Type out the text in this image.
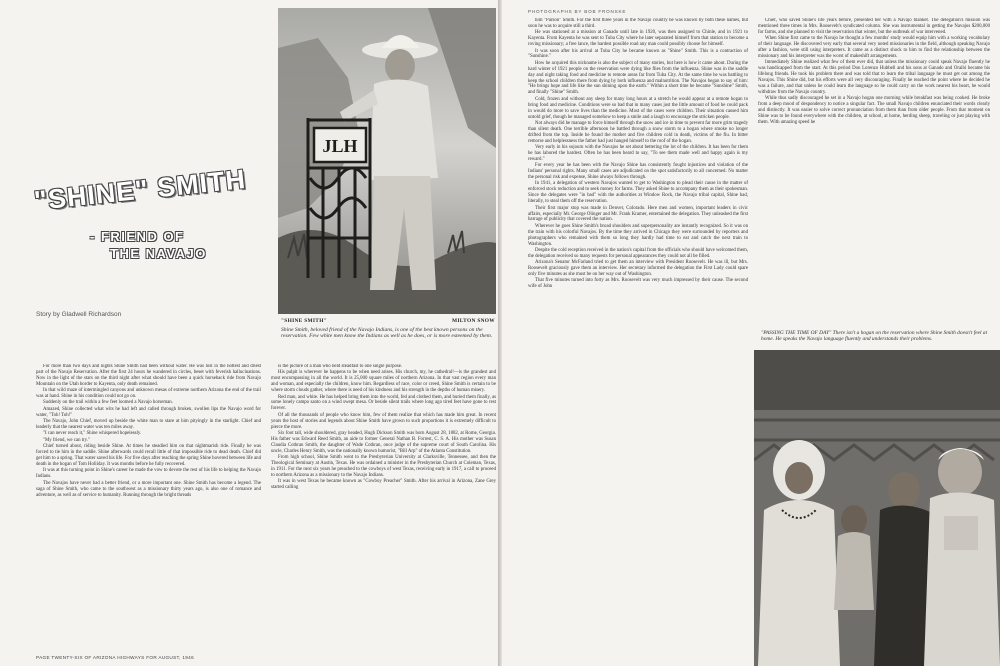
JLH
"SHINE" SMITH
- FRIEND OF
THE NAVAJO
Story by Gladwell Richardson
"SHINE SMITH"	MILTON SNOW
Shine Smith, beloved friend of the Navajo Indians, is one of the best known persons on the reservation. Few white men know the Indians as well as he does, or is more esteemed by them.

For more than two days and nights Shine Smith had been without water. He was lost in the hottest and driest part of the Navajo Reservation. After the first 24 hours he wandered in circles, beset with feverish hallucinations. Now in the light of the stars on the third night after what should have been a quick horseback ride from Navajo Mountain on the Utah border to Kayenta, only death remained.

In that wild maze of intermingled canyons and unknown mesas of extreme northern Arizona the end of the trail was at hand. Shine in his condition could not go on.

Suddenly on the trail within a few feet loomed a Navajo horseman.

Amazed, Shine collected what wits he had left and called through broken, swollen lips the Navajo word for water, "Toh! Toh!"

The Navajo, John Chief, moved up beside the white man to stare at him pityingly in the starlight. Chief and leaderly that the nearest water was ten miles away.

"I can never reach it," Shine whispered hopelessly.

"My friend, we can try."

Chief turned about, riding beside Shine. At times he steadied him on that nightmarish ride. Finally he was forced to tie him in the saddle. Shine afterwards could recall little of that impossible ride to dead death. Chief did get him to a spring. That water saved his life. For five days after reaching the spring Shine hovered between life and death in the hogan of Tom Holliday. It was months before he fully recovered.

It was at this turning point in Shine's career he made the vow to devote the rest of his life to helping the Navajo Indians.

The Navajos have never had a better friend, or a more important one. Shine Smith has become a legend. The saga of Shine Smith, who came to the southwest as a missionary thirty years ago, is also one of romance and adventure, as well as of service to humanity. Running through the bright threads

is the picture of a man who held steadfast to one single purpose.

His pulpit is wherever he happens to be when need arises. His church, my, he cathedral!—is the grandest and most encompassing in all the world. It is 25,000 square miles of northern Arizona. In that vast region every man and woman, and especially the children, know him. Regardless of race, color or creed, Shine Smith is certain to be where storm clouds gather, where there is need of his kindness and his strength in the depths of human misery.

Red man, and white. He has helped bring them into the world, fed and clothed them, and buried them finally, as some lonely campo santo on a wind swept mesa. Or beside silent trails where long ago tired feet have gone to rest forever.

Of all the thousands of people who know him, few of them realize that which has made him great. In recent years the host of stories and legends about Shine Smith have grown to such proportions it is extremely difficult to pierce the more.

Six foot tall, wide shouldered, gray headed, Hugh Dickson Smith was born August 28, 1882, at Rome, Georgia. His father was Edward Reed Smith, an aide to former General Nathan B. Forrest, C. S. A. His mother was Susan Claudia Cothran Smith, the daughter of Wade Cothran, once judge of the supreme court of South Carolina. His uncle, Charles Henry Smith, was the nationally known humorist, "Bill Arp" of the Atlanta Constitution.

From high school, Shine Smith went to the Presbyterian University at Clarksville, Tennessee, and then the Theological Seminary at Austin, Texas. He was ordained a minister in the Presbyterian Church at Coleman, Texas, in 1911. For the next six years he preached to the cowboys of west Texas, receiving early in 1917, a call to proceed to northern Arizona as a missionary to the Navajo Indians.

It was in west Texas he became known as "Cowboy Preacher" Smith. After his arrival in Arizona, Zane Grey started calling

PAGE TWENTY-SIX OF ARIZONA HIGHWAYS FOR AUGUST, 1946
PHOTOGRAPHS BY BOB FRONSKE

him "Parson" Smith. For the first three years in the Navajo country he was known by both these names, but soon he was to acquire still a third.

He was stationed at a mission at Ganado until late in 1920, was then assigned to Chinle, and in 1921 to Kayenta. From Kayenta he was sent to Tuba City where he later separated himself from that station to become a roving missionary; a free lance, the hardest possible road any man could possibly choose for himself.

It was soon after his arrival at Tuba City he became known as "Shine" Smith. This is a contraction of "Sunshine."

How he acquired this nickname is also the subject of many stories, but here is how it came about. During the hard winter of 1921 people on the reservation were dying like flies from the influenza. Shine was in the saddle day and night taking food and medicine to remote areas far from Tuba City. At the same time he was battling to keep the school children there from dying by both influenza and malnutrition. The Navajos began to say of him: "He brings hope and life like the sun shining upon the earth." Within a short time he became "Sunshine" Smith, and finally "Shine" Smith.

Cold, frozen and without any sleep for many long hours at a stretch he would appear at a remote hogan to bring food and medicine. Conditions were so bad that in many cases just the little amount of food he could pack in would do more to save lives than the medicine. Most of the cases were children. Their situation caused him untold grief, though he managed somehow to keep a smile and a laugh to encourage the stricken people.

Not always did he manage to force himself through the snow and ice in time to prevent far more grim tragedy than silent death. One terrible afternoon he battled through a snow storm to a hogan where smoke no longer drifted from the top. Inside he found the mother and five children cold in death, victims of the flu. In bitter remorse and helplessness the father had just hanged himself to the roof of the hogan.

Very early in his sojourn with the Navajos he set about bettering the lot of the children. It has been for them he has labored the hardest. Often he has been heard to say, "To see them made well and happy again is my reward."

For every year he has been with the Navajo Shine has consistently fought injustices and violation of the Indians' personal rights. Many small cases are adjudicated on the spot satisfactorily to all concerned. No matter the personal risk and expense, Shine always follows through.

In 1941, a delegation of western Navajos wanted to get to Washington to plead their cause in the matter of enforced stock reduction and to seek money for farms. They asked Shine to accompany them as their spokesman. Since the delegates were "in bad" with the authorities at Window Rock, the Navajo tribal capital, Shine had, literally, to steal them off the reservation.

Their first major stop was made in Denver, Colorado. Here men and women, important leaders in civic affairs, especially Mr. George Olinger and Mr. Frank Kramer, entertained the delegation. They unleashed the first barrage of publicity that covered the nation.

Wherever he goes Shine Smith's broad shoulders and superpersonality are instantly recognized. So it was on the train with his colorful Navajos. By the time they arrived in Chicago they were surrounded by reporters and photographers who remained with them so long they hardly had time to eat and catch the next train to Washington.

Despite the cold reception received in the nation's capital from the officials who should have welcomed them, the delegation received so many requests for personal appearances they could not all be filled.

Arizona's Senator McFarland tried to get them an interview with President Roosevelt. He was ill, but Mrs. Roosevelt graciously gave them an interview. Her secretary informed the delegation the First Lady could spare only five minutes as she must be on her way out of Washington.

That five minutes turned into forty as Mrs. Roosevelt was very much impressed by their cause. The second wife of John

Chief, who saved Shine's life years before, presented her with a Navajo blanket. The delegation's mission was mentioned three times in Mrs. Roosevelt's syndicated column. She was instrumental in getting the Navajos $200,000 for farms, and she planned to visit the reservation that winter, but the outbreak of war intervened.

When Shine first came to the Navajo he thought a few months' study would equip him with a working vocabulary of their language. He discovered very early that several very noted missionaries in the field, although speaking Navajo after a fashion, were still using interpreters. It came as a distinct shock to him to find the relationship between the missionary and his interpreter was the worst of makeshift arrangements.

Immediately Shine realized what few of them ever did, that unless the missionary could speak Navajo fluently he was handicapped from the start. At this period Don Lorenzo Hubbell and his sons at Ganado and Oraibi became his lifelong friends. He took his problem there and was told that to learn the tribal language he must get out among the Navajos. This Shine did, but his efforts were all very discouraging. Finally he reached the point where he decided he was a failure, and that unless he could learn the language so he could carry on the work nearest his heart, he would withdraw from the Navajo country.

While thus sadly discouraged he set in a Navajo hogan one morning while breakfast was being cooked. He broke from a deep mood of despondency to notice a singular fact. The small Navajo children enunciated their words clearly and distinctly. It was easier to solve correct pronunciation from them than from older people. From that moment on Shine was to be found everywhere with the children, at school, at home, herding sheep, traveling or just playing with them. With amazing speed he

"PASSING THE TIME OF DAY" There isn't a hogan on the reservation where Shine Smith doesn't feel at home. He speaks the Navajo language fluently and understands their problems.
